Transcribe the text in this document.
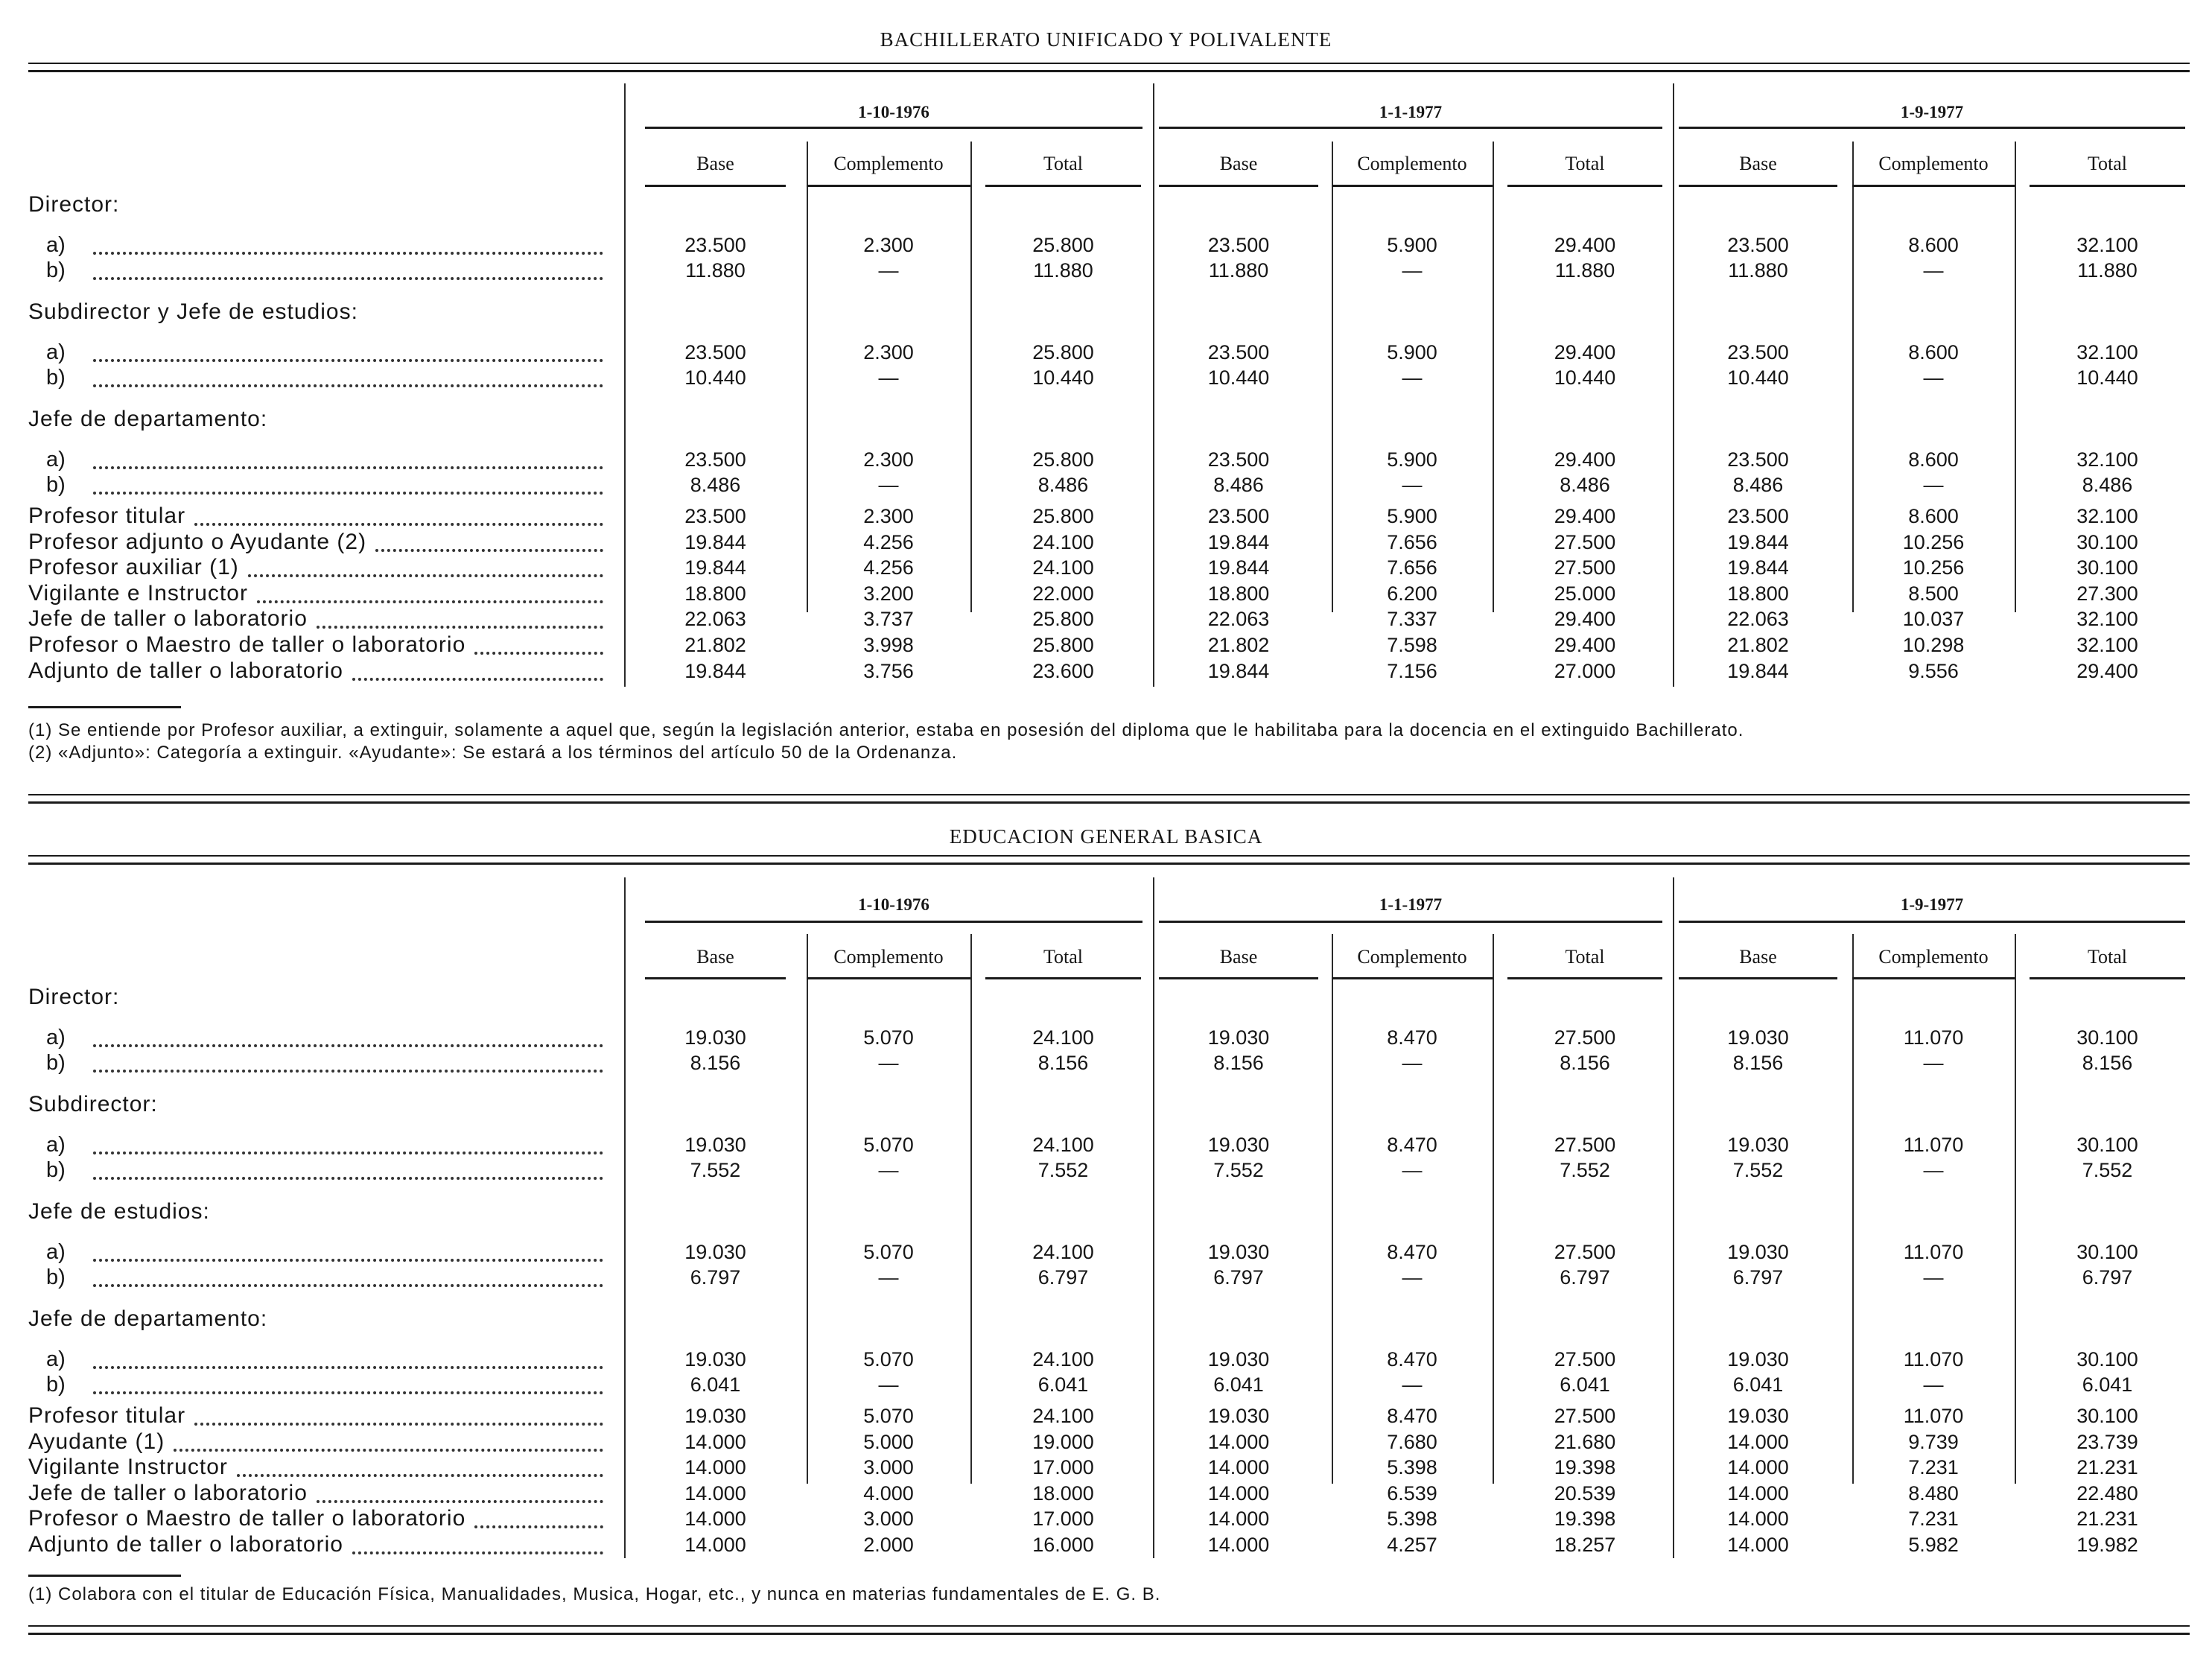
BACHILLERATO UNIFICADO Y POLIVALENTE
1-10-1976	1-1-1977	1-9-1977
Base	Complemento	Total	Base	Complemento	Total	Base	Complemento	Total
Director:
a)	23.500	2.300	25.800	23.500	5.900	29.400	23.500	8.600	32.100
b)	11.880	—	11.880	11.880	—	11.880	11.880	—	11.880
Subdirector y Jefe de estudios:
a)	23.500	2.300	25.800	23.500	5.900	29.400	23.500	8.600	32.100
b)	10.440	—	10.440	10.440	—	10.440	10.440	—	10.440
Jefe de departamento:
a)	23.500	2.300	25.800	23.500	5.900	29.400	23.500	8.600	32.100
b)	8.486	—	8.486	8.486	—	8.486	8.486	—	8.486
Profesor titular	23.500	2.300	25.800	23.500	5.900	29.400	23.500	8.600	32.100
Profesor adjunto o Ayudante (2)	19.844	4.256	24.100	19.844	7.656	27.500	19.844	10.256	30.100
Profesor auxiliar (1)	19.844	4.256	24.100	19.844	7.656	27.500	19.844	10.256	30.100
Vigilante e Instructor	18.800	3.200	22.000	18.800	6.200	25.000	18.800	8.500	27.300
Jefe de taller o laboratorio	22.063	3.737	25.800	22.063	7.337	29.400	22.063	10.037	32.100
Profesor o Maestro de taller o laboratorio	21.802	3.998	25.800	21.802	7.598	29.400	21.802	10.298	32.100
Adjunto de taller o laboratorio	19.844	3.756	23.600	19.844	7.156	27.000	19.844	9.556	29.400
(1) Se entiende por Profesor auxiliar, a extinguir, solamente a aquel que, según la legislación anterior, estaba en posesión del diploma que le habilitaba para la docencia en el extinguido Bachillerato.
(2) «Adjunto»: Categoría a extinguir. «Ayudante»: Se estará a los términos del artículo 50 de la Ordenanza.
EDUCACION GENERAL BASICA
1-10-1976	1-1-1977	1-9-1977
Base	Complemento	Total	Base	Complemento	Total	Base	Complemento	Total
Director:
a)	19.030	5.070	24.100	19.030	8.470	27.500	19.030	11.070	30.100
b)	8.156	—	8.156	8.156	—	8.156	8.156	—	8.156
Subdirector:
a)	19.030	5.070	24.100	19.030	8.470	27.500	19.030	11.070	30.100
b)	7.552	—	7.552	7.552	—	7.552	7.552	—	7.552
Jefe de estudios:
a)	19.030	5.070	24.100	19.030	8.470	27.500	19.030	11.070	30.100
b)	6.797	—	6.797	6.797	—	6.797	6.797	—	6.797
Jefe de departamento:
a)	19.030	5.070	24.100	19.030	8.470	27.500	19.030	11.070	30.100
b)	6.041	—	6.041	6.041	—	6.041	6.041	—	6.041
Profesor titular	19.030	5.070	24.100	19.030	8.470	27.500	19.030	11.070	30.100
Ayudante (1)	14.000	5.000	19.000	14.000	7.680	21.680	14.000	9.739	23.739
Vigilante Instructor	14.000	3.000	17.000	14.000	5.398	19.398	14.000	7.231	21.231
Jefe de taller o laboratorio	14.000	4.000	18.000	14.000	6.539	20.539	14.000	8.480	22.480
Profesor o Maestro de taller o laboratorio	14.000	3.000	17.000	14.000	5.398	19.398	14.000	7.231	21.231
Adjunto de taller o laboratorio	14.000	2.000	16.000	14.000	4.257	18.257	14.000	5.982	19.982
(1) Colabora con el titular de Educación Física, Manualidades, Musica, Hogar, etc., y nunca en materias fundamentales de E. G. B.
